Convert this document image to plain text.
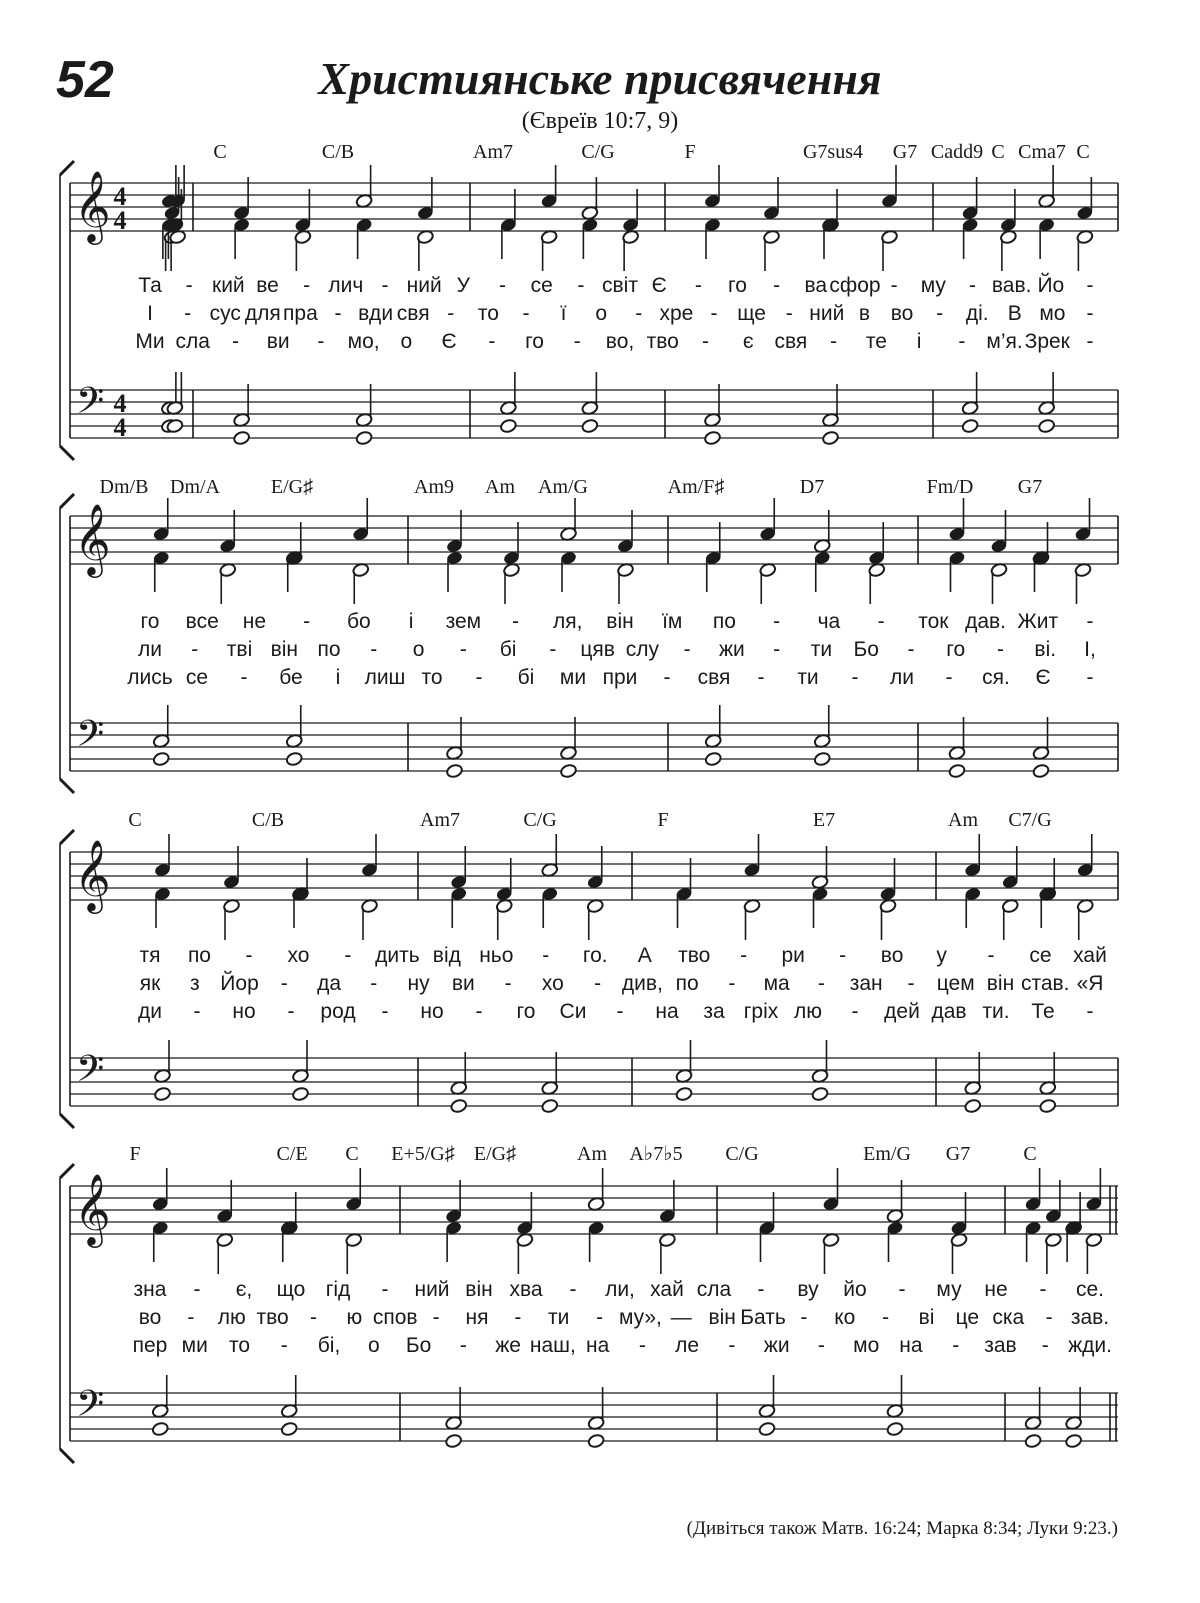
52	Християнське присвячення
(Євреїв 10:7, 9)
𝄞
𝄢
4
4
4
4
C	C/B	Am7	C/G	F	G7sus4 G7 Cadd9 C Cma7 C
Та - кий ве - лич - ний У - се - світ Є - го - ва сфор - му - вав. Йо -
І - сус для пра - вди свя - то - ї о - хре - ще - ний в во - ді. В мо -
Ми сла - ви - мо, о Є - го - во, тво - є свя - те і - м’я. Зрек -
𝄞
𝄢
Dm/B Dm/A	E/G♯	Am9 Am Am/G	Am/F♯	D7	Fm/D G7
го все не - бо і зем - ля, він їм по - ча - ток дав. Жит -
ли - тві він по - о - бі - цяв слу - жи - ти Бо - го - ві. І,
лись се - бе і лиш то - бі ми при - свя - ти - ли - ся. Є -
𝄞
𝄢
C	C/B	Am7	C/G	F	E7	Am C7/G
тя по - хо - дить від ньо - го. А тво - ри - во у - се хай
як з Йор - да - ну ви - хо - див, по - ма - зан - цем він став. «Я
ди - но - род - но - го Си - на за гріх лю - дей дав ти. Те -
𝄞
𝄢
F	C/E C E+5/G♯ E/G♯	Am A♭7♭5 C/G	Em/G G7	C
зна - є, що гід - ний він хва - ли, хай сла - ву йо - му не - се.
во - лю тво - ю спов - ня - ти - му», — він Бать - ко - ві це ска - зав.
пер ми то - бі, о Бо - же наш, на - ле - жи - мо на - зав - жди.
(Дивіться також Матв. 16:24; Марка 8:34; Луки 9:23.)
